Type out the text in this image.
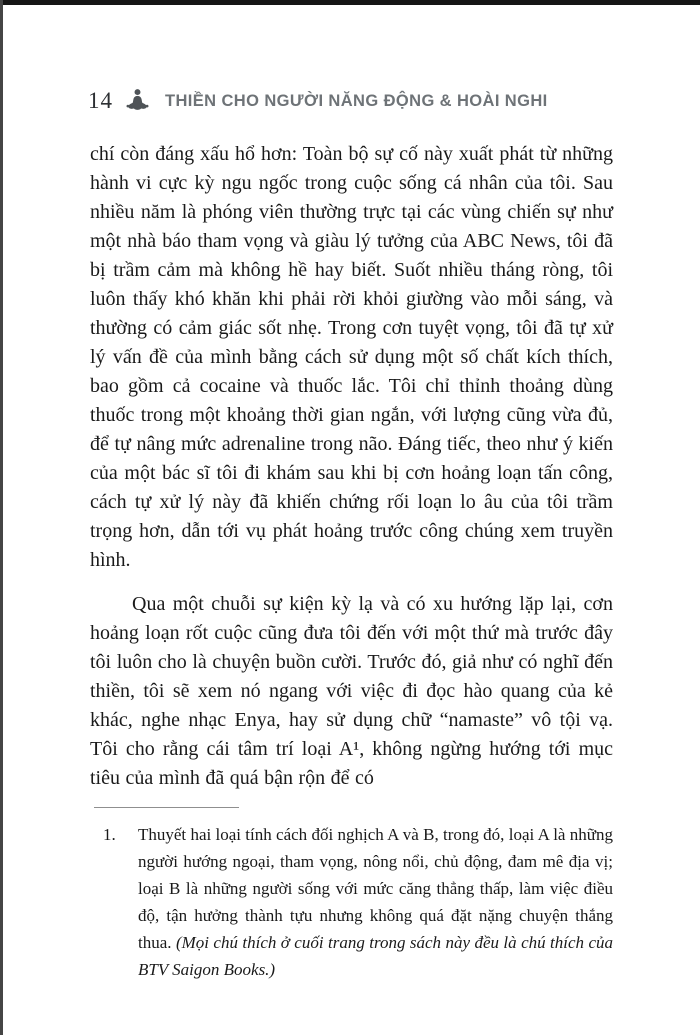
14	THIỀN CHO NGƯỜI NĂNG ĐỘNG & HOÀI NGHI

chí còn đáng xấu hổ hơn: Toàn bộ sự cố này xuất phát từ những hành vi cực kỳ ngu ngốc trong cuộc sống cá nhân của tôi. Sau nhiều năm là phóng viên thường trực tại các vùng chiến sự như một nhà báo tham vọng và giàu lý tưởng của ABC News, tôi đã bị trầm cảm mà không hề hay biết. Suốt nhiều tháng ròng, tôi luôn thấy khó khăn khi phải rời khỏi giường vào mỗi sáng, và thường có cảm giác sốt nhẹ. Trong cơn tuyệt vọng, tôi đã tự xử lý vấn đề của mình bằng cách sử dụng một số chất kích thích, bao gồm cả cocaine và thuốc lắc. Tôi chỉ thỉnh thoảng dùng thuốc trong một khoảng thời gian ngắn, với lượng cũng vừa đủ, để tự nâng mức adrenaline trong não. Đáng tiếc, theo như ý kiến của một bác sĩ tôi đi khám sau khi bị cơn hoảng loạn tấn công, cách tự xử lý này đã khiến chứng rối loạn lo âu của tôi trầm trọng hơn, dẫn tới vụ phát hoảng trước công chúng xem truyền hình.

Qua một chuỗi sự kiện kỳ lạ và có xu hướng lặp lại, cơn hoảng loạn rốt cuộc cũng đưa tôi đến với một thứ mà trước đây tôi luôn cho là chuyện buồn cười. Trước đó, giả như có nghĩ đến thiền, tôi sẽ xem nó ngang với việc đi đọc hào quang của kẻ khác, nghe nhạc Enya, hay sử dụng chữ “namaste” vô tội vạ. Tôi cho rằng cái tâm trí loại A¹, không ngừng hướng tới mục tiêu của mình đã quá bận rộn để có

1. Thuyết hai loại tính cách đối nghịch A và B, trong đó, loại A là những người hướng ngoại, tham vọng, nông nổi, chủ động, đam mê địa vị; loại B là những người sống với mức căng thẳng thấp, làm việc điều độ, tận hưởng thành tựu nhưng không quá đặt nặng chuyện thắng thua. (Mọi chú thích ở cuối trang trong sách này đều là chú thích của BTV Saigon Books.)
